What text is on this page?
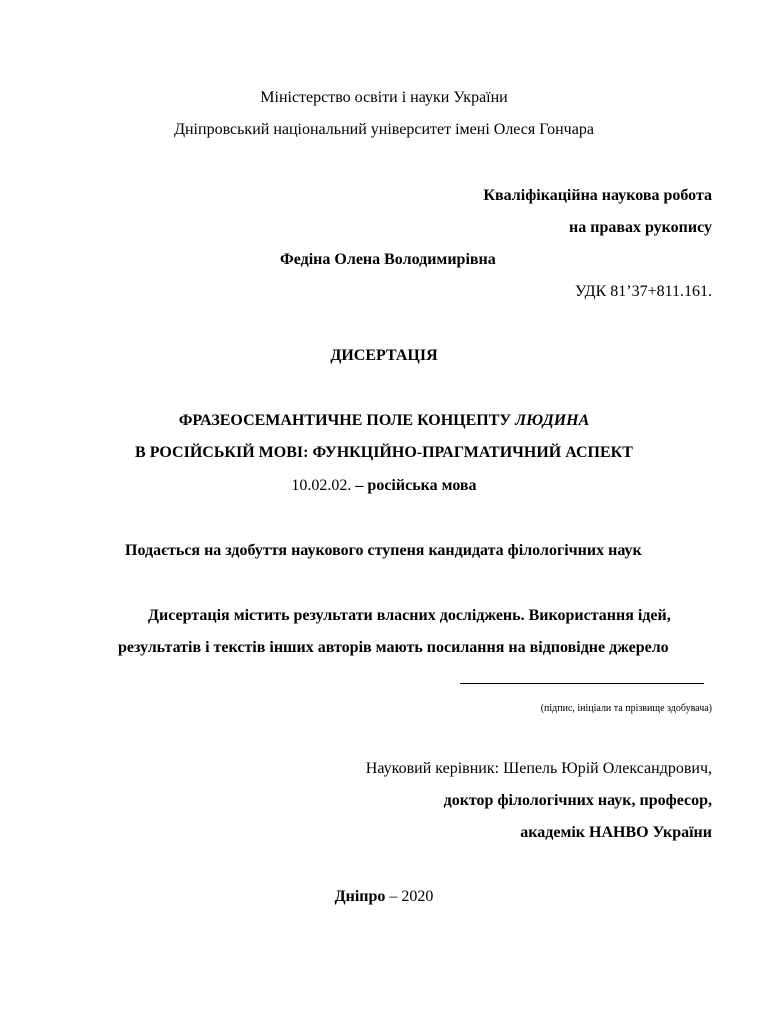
Міністерство освіти і науки України
Дніпровський національний університет імені Олеся Гончара
Кваліфікаційна наукова робота
на правах рукопису
Федіна Олена Володимирівна
УДК 81’37+811.161.
ДИСЕРТАЦІЯ
ФРАЗЕОСЕМАНТИЧНЕ ПОЛЕ КОНЦЕПТУ ЛЮДИНА
В РОСІЙСЬКІЙ МОВІ: ФУНКЦІЙНО-ПРАГМАТИЧНИЙ АСПЕКТ
10.02.02. – російська мова
Подається на здобуття наукового ступеня кандидата філологічних наук
Дисертація містить результати власних досліджень. Використання ідей,
результатів і текстів інших авторів мають посилання на відповідне джерело
(підпис, ініціали та прізвище здобувача)
Науковий керівник: Шепель Юрій Олександрович,
доктор філологічних наук, професор,
академік НАНВО України
Дніпро – 2020
